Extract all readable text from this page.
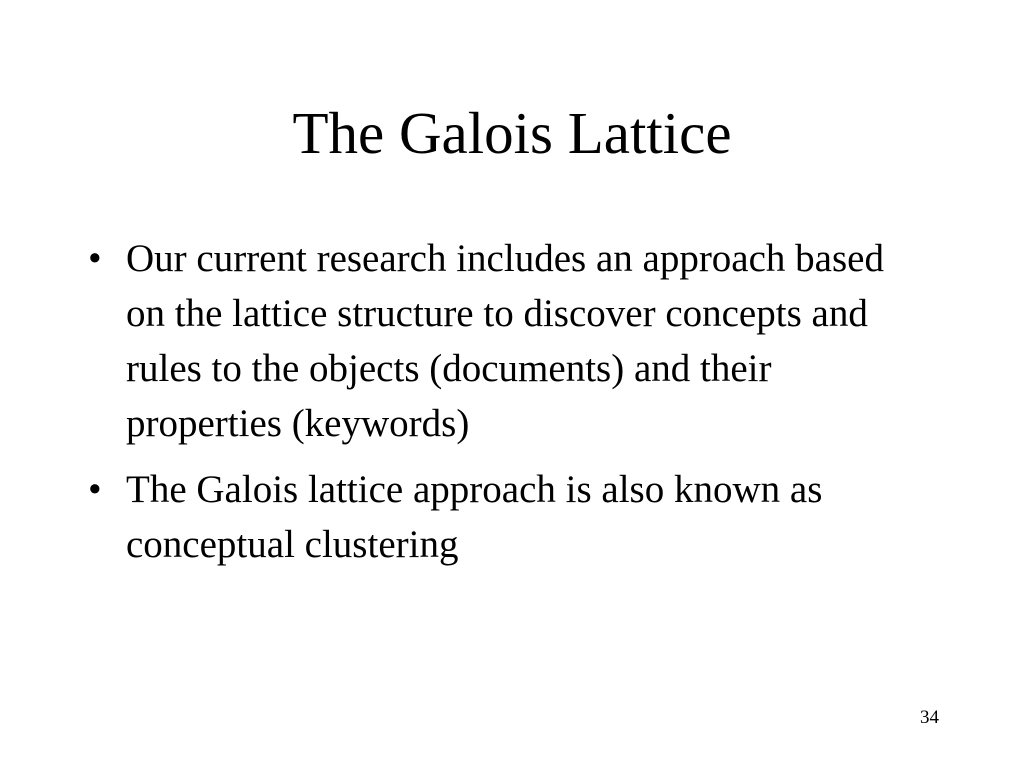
The Galois Lattice
• Our current research includes an approach based on the lattice structure to discover concepts and rules to the objects (documents) and their properties (keywords)
• The Galois lattice approach is also known as conceptual clustering
34
